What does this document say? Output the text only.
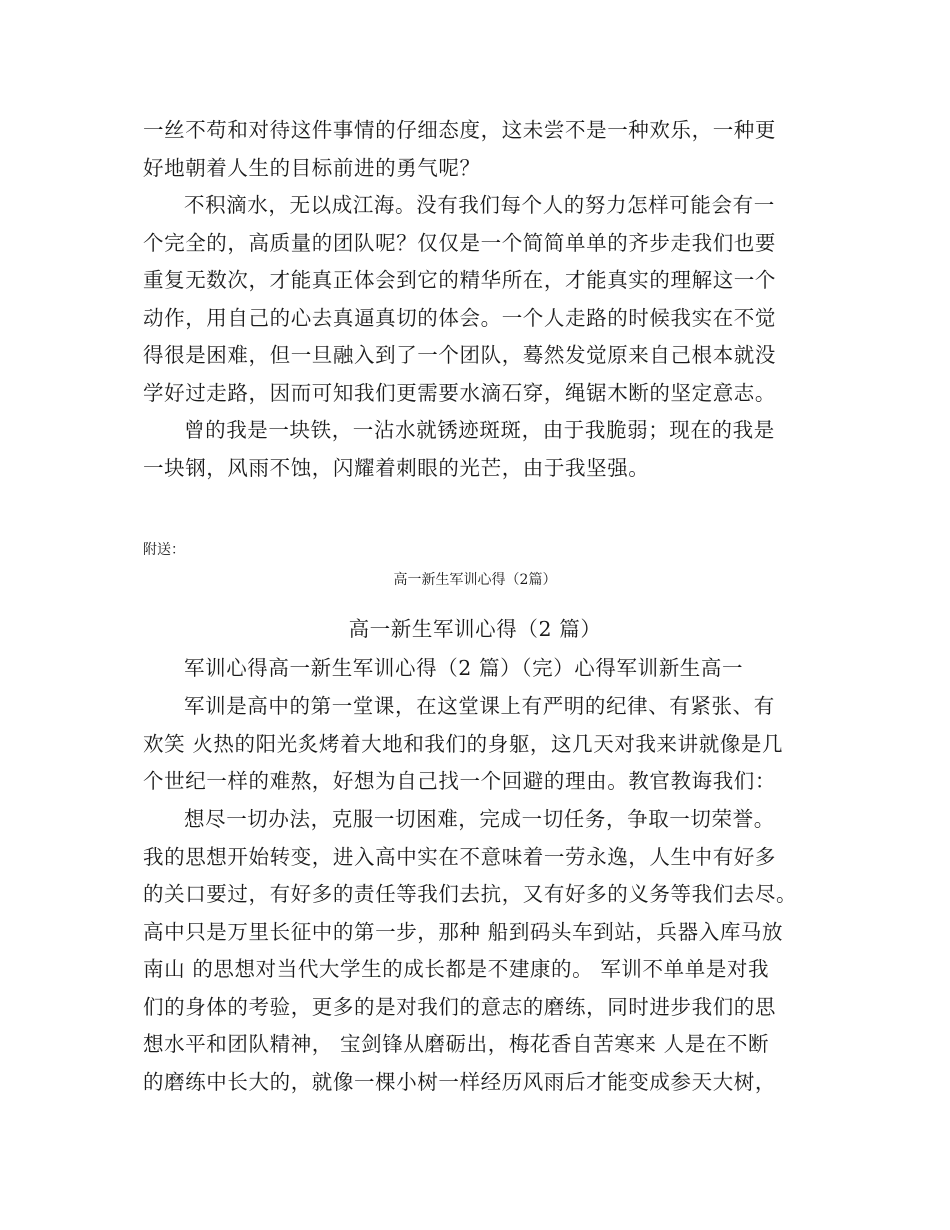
一丝不苟和对待这件事情的仔细态度，这未尝不是一种欢乐，一种更
好地朝着人生的目标前进的勇气呢？
不积滴水，无以成江海。没有我们每个人的努力怎样可能会有一
个完全的，高质量的团队呢？仅仅是一个简简单单的齐步走我们也要
重复无数次，才能真正体会到它的精华所在，才能真实的理解这一个
动作，用自己的心去真逼真切的体会。一个人走路的时候我实在不觉
得很是困难，但一旦融入到了一个团队，蓦然发觉原来自己根本就没
学好过走路，因而可知我们更需要水滴石穿，绳锯木断的坚定意志。
曾的我是一块铁，一沾水就锈迹斑斑，由于我脆弱；现在的我是
一块钢，风雨不蚀，闪耀着刺眼的光芒，由于我坚强。

附送：

高一新生军训心得（2篇）

高一新生军训心得（2 篇）

军训心得高一新生军训心得（2 篇）（完）心得军训新生高一
军训是高中的第一堂课，在这堂课上有严明的纪律、有紧张、有
欢笑 火热的阳光炙烤着大地和我们的身躯，这几天对我来讲就像是几
个世纪一样的难熬，好想为自己找一个回避的理由。教官教诲我们：
想尽一切办法，克服一切困难，完成一切任务，争取一切荣誉。
我的思想开始转变，进入高中实在不意味着一劳永逸，人生中有好多
的关口要过，有好多的责任等我们去抗，又有好多的义务等我们去尽。
高中只是万里长征中的第一步，那种 船到码头车到站，兵器入库马放
南山 的思想对当代大学生的成长都是不建康的。 军训不单单是对我
们的身体的考验，更多的是对我们的意志的磨练，同时进步我们的思
想水平和团队精神， 宝剑锋从磨砺出，梅花香自苦寒来 人是在不断
的磨练中长大的，就像一棵小树一样经历风雨后才能变成参天大树，
